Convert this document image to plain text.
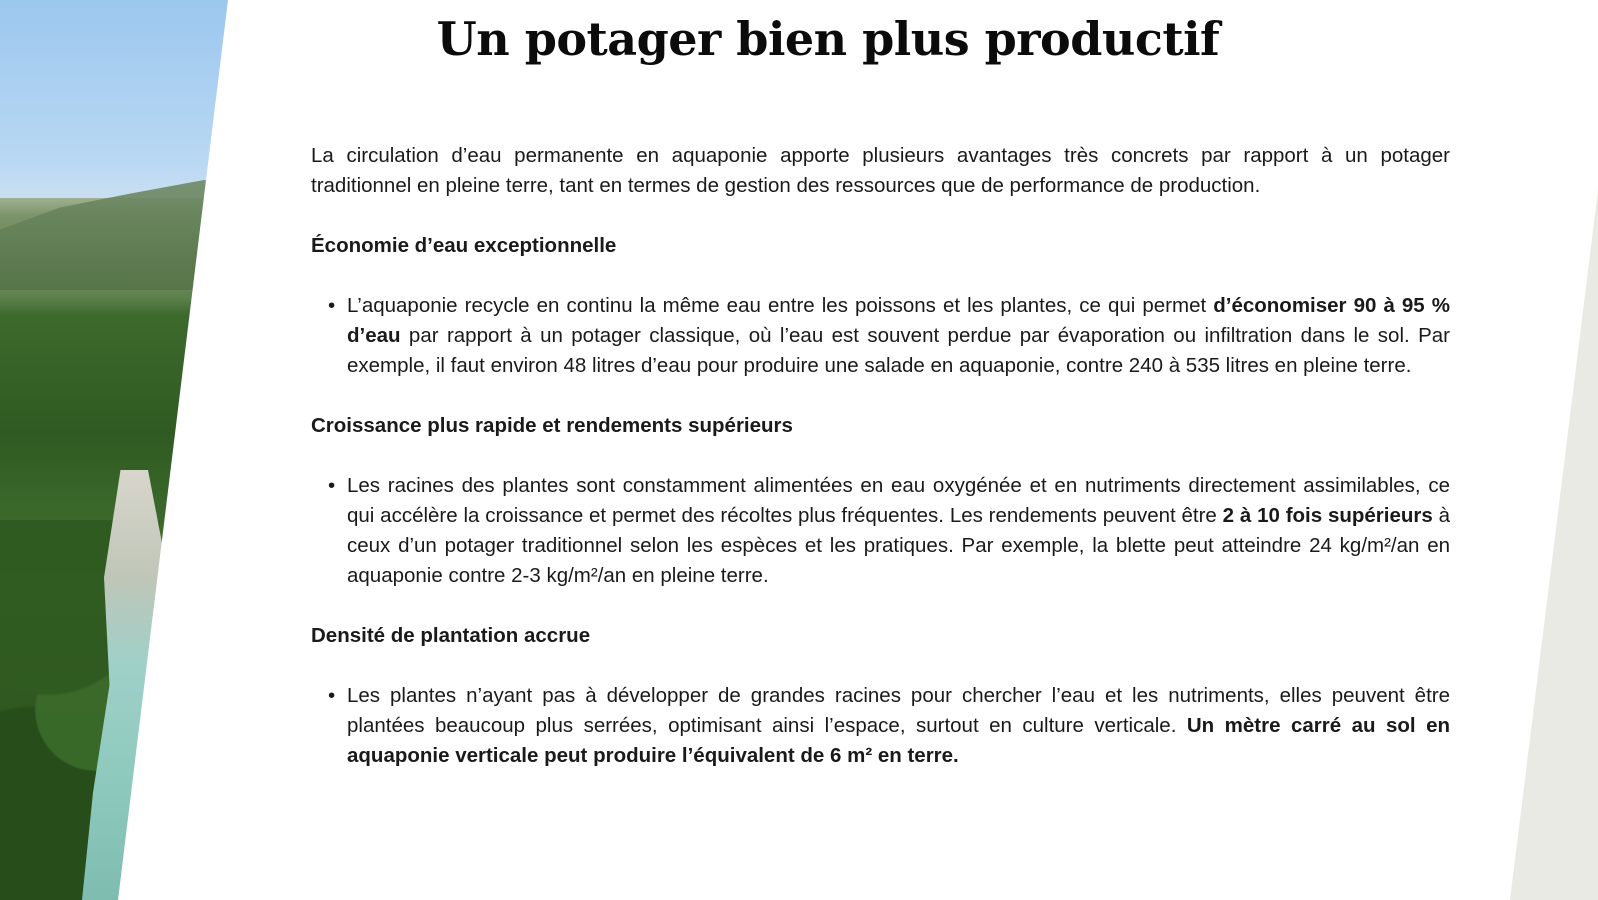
Un potager bien plus productif

La circulation d’eau permanente en aquaponie apporte plusieurs avantages très concrets par rapport à un potager traditionnel en pleine terre, tant en termes de gestion des ressources que de performance de production.

Économie d’eau exceptionnelle

• L’aquaponie recycle en continu la même eau entre les poissons et les plantes, ce qui permet d’économiser 90 à 95 % d’eau par rapport à un potager classique, où l’eau est souvent perdue par évaporation ou infiltration dans le sol. Par exemple, il faut environ 48 litres d’eau pour produire une salade en aquaponie, contre 240 à 535 litres en pleine terre.

Croissance plus rapide et rendements supérieurs

• Les racines des plantes sont constamment alimentées en eau oxygénée et en nutriments directement assimilables, ce qui accélère la croissance et permet des récoltes plus fréquentes. Les rendements peuvent être 2 à 10 fois supérieurs à ceux d’un potager traditionnel selon les espèces et les pratiques. Par exemple, la blette peut atteindre 24 kg/m²/an en aquaponie contre 2-3 kg/m²/an en pleine terre.

Densité de plantation accrue

• Les plantes n’ayant pas à développer de grandes racines pour chercher l’eau et les nutriments, elles peuvent être plantées beaucoup plus serrées, optimisant ainsi l’espace, surtout en culture verticale. Un mètre carré au sol en aquaponie verticale peut produire l’équivalent de 6 m² en terre.
